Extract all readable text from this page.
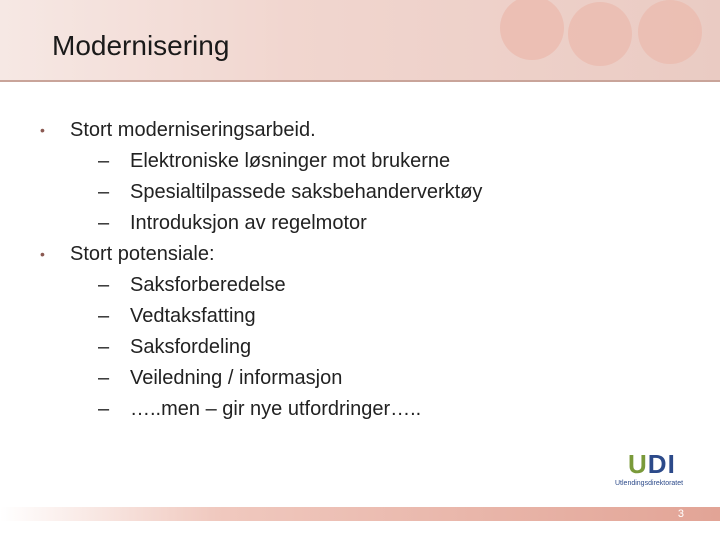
Modernisering
• Stort moderniseringsarbeid.
– Elektroniske løsninger mot brukerne
– Spesialtilpassede saksbehanderverktøy
– Introduksjon av regelmotor
• Stort potensiale:
– Saksforberedelse
– Vedtaksfatting
– Saksfordeling
– Veiledning / informasjon
– …..men – gir nye utfordringer…..
UDI
Utlendingsdirektoratet
3
